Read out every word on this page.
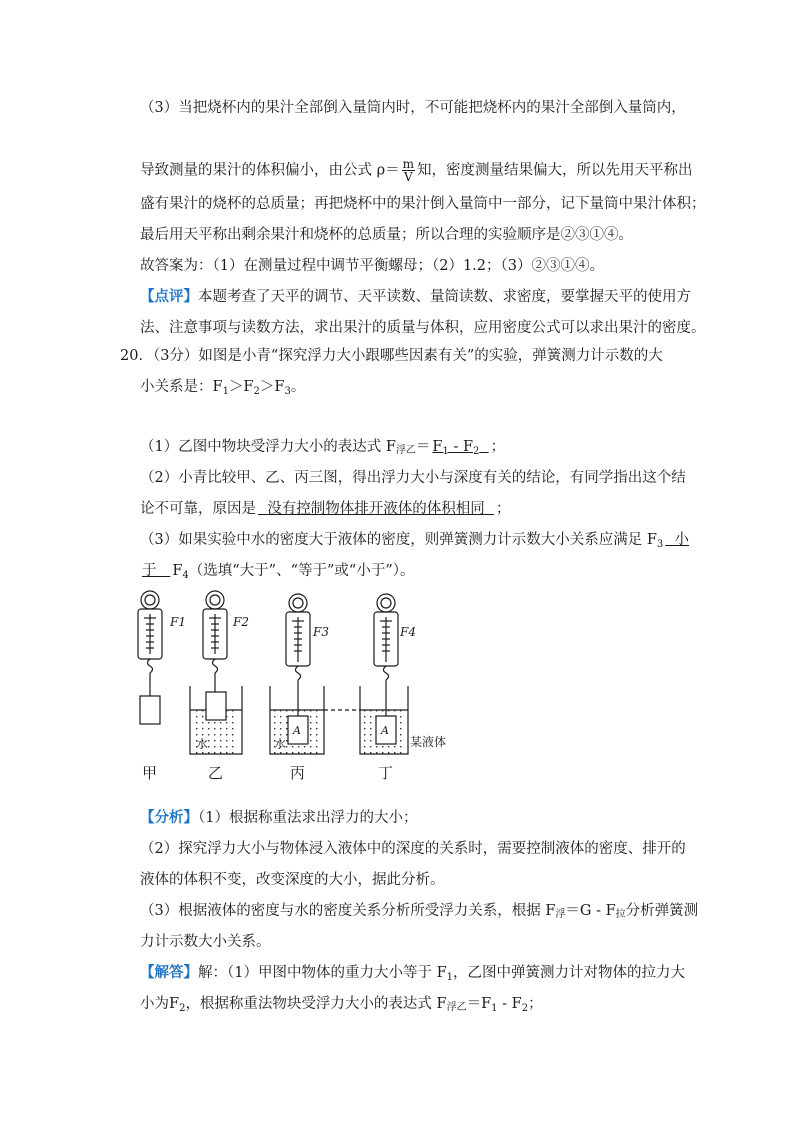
（3）当把烧杯内的果汁全部倒入量筒内时，不可能把烧杯内的果汁全部倒入量筒内，
导致测量的果汁的体积偏小，由公式 $\rho= \frac{m}{V}$ 知，密度测量结果偏大，所以先用天平称出
盛有果汁的烧杯的总质量；再把烧杯中的果汁倒入量筒中一部分，记下量筒中果汁体积；
最后用天平称出剩余果汁和烧杯的总质量；所以合理的实验顺序是②③①④。
故答案为：（1）在测量过程中调节平衡螺母；（2）1.2；（3）②③①④。
【点评】本题考查了天平的调节、天平读数、量筒读数、求密度，要掌握天平的使用方
法、注意事项与读数方法，求出果汁的质量与体积，应用密度公式可以求出果汁的密度。
20．（3分）如图是小青“探究浮力大小跟哪些因素有关”的实验，弹簧测力计示数的大
小关系是：$F_1>F_2>F_3$。
（1）乙图中物块受浮力大小的表达式 F浮乙＝ $F_1 - F_2$ ；
（2）小青比较甲、乙、丙三图，得出浮力大小与深度有关的结论，有同学指出这个结
论不可靠，原因是 没有控制物体排开液体的体积相同 ；
（3）如果实验中水的密度大于液体的密度，则弹簧测力计示数大小关系应满足 $F_3$ 小
于 $F_4$（选填“大于”、“等于”或“小于”）。
F1	F2
水
F3
A
水
F4
A
某液体
甲	乙	丙	丁
【分析】（1）根据称重法求出浮力的大小；
（2）探究浮力大小与物体浸入液体中的深度的关系时，需要控制液体的密度、排开的
液体的体积不变，改变深度的大小，据此分析。
（3）根据液体的密度与水的密度关系分析所受浮力关系，根据 F浮＝G - F拉分析弹簧测
力计示数大小关系。
【解答】解：（1）甲图中物体的重力大小等于 $F_1$，乙图中弹簧测力计对物体的拉力大
小为$F_2$，根据称重法物块受浮力大小的表达式 F浮乙$=F_1 - F_2$；
